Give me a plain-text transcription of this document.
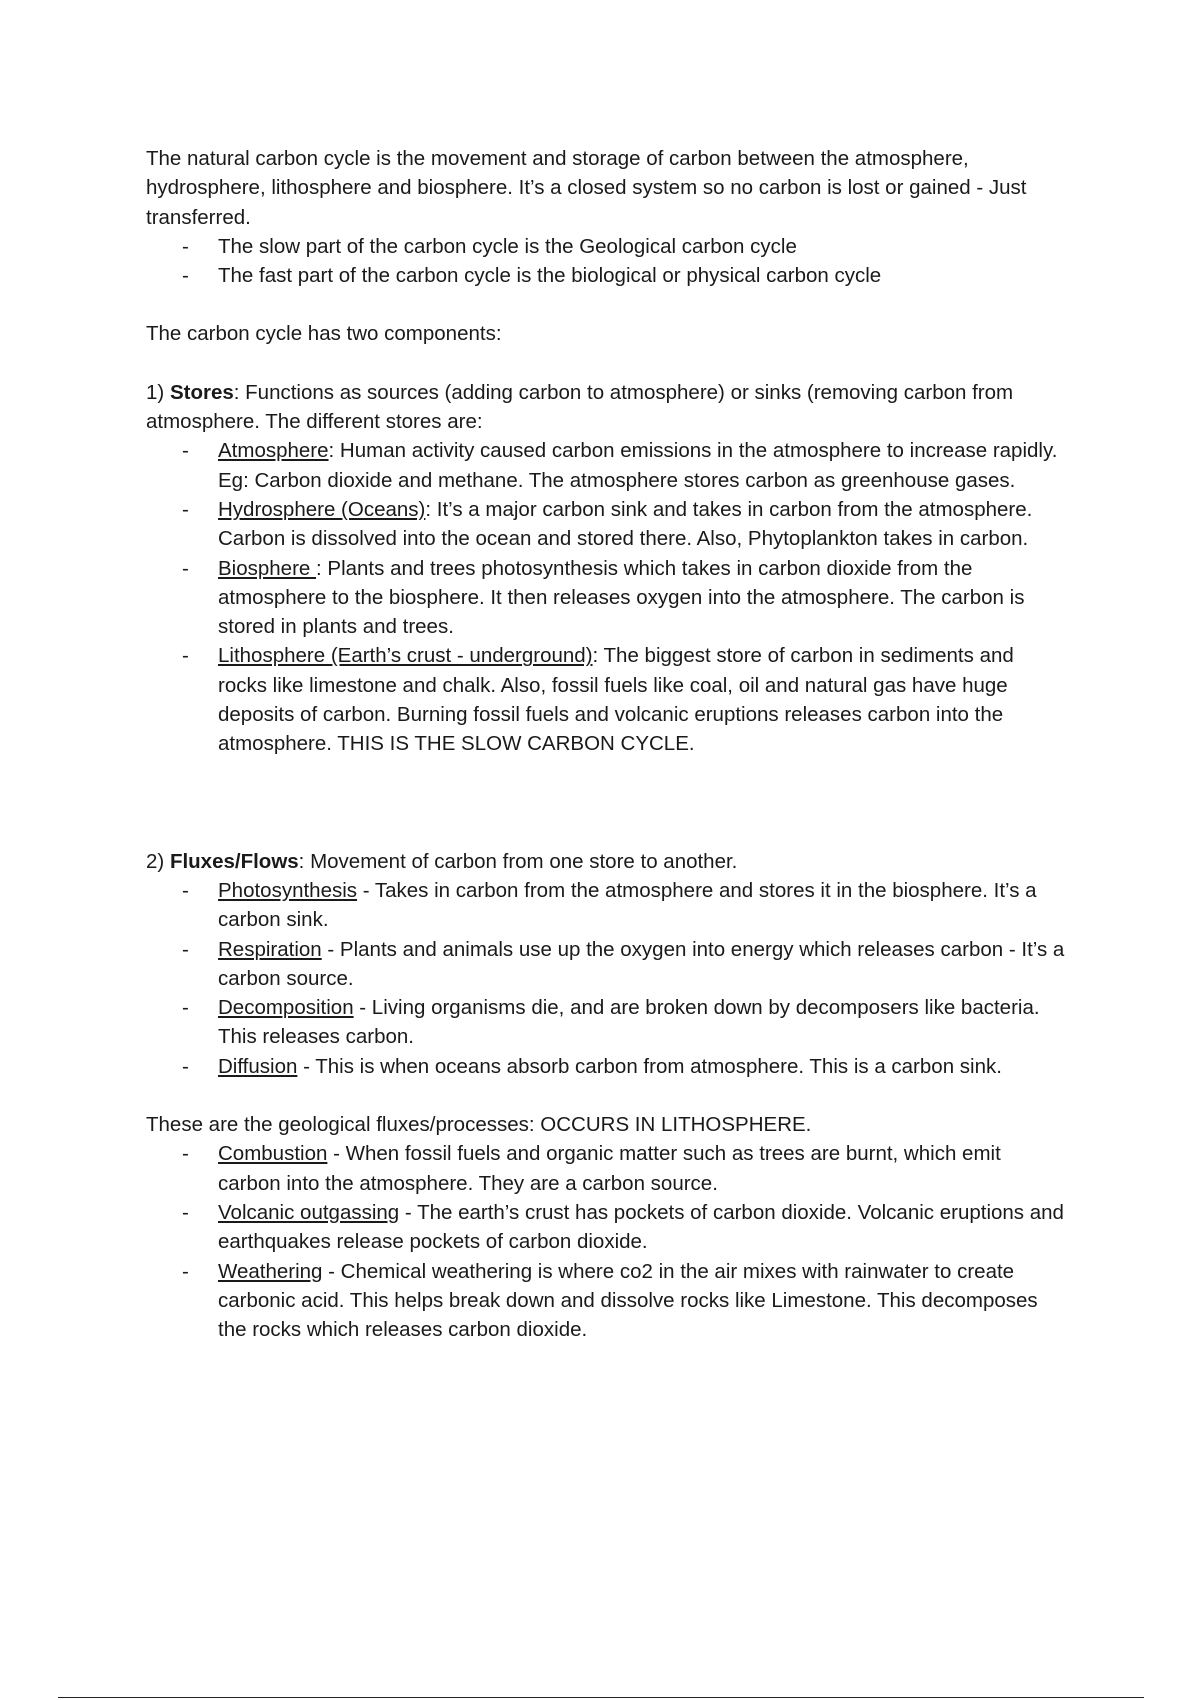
The natural carbon cycle is the movement and storage of carbon between the atmosphere, hydrosphere, lithosphere and biosphere. It’s a closed system so no carbon is lost or gained - Just transferred.

- The slow part of the carbon cycle is the Geological carbon cycle
- The fast part of the carbon cycle is the biological or physical carbon cycle

The carbon cycle has two components:

1) Stores: Functions as sources (adding carbon to atmosphere) or sinks (removing carbon from atmosphere. The different stores are:

- Atmosphere: Human activity caused carbon emissions in the atmosphere to increase rapidly. Eg: Carbon dioxide and methane. The atmosphere stores carbon as greenhouse gases.
- Hydrosphere (Oceans): It’s a major carbon sink and takes in carbon from the atmosphere. Carbon is dissolved into the ocean and stored there. Also, Phytoplankton takes in carbon.
- Biosphere : Plants and trees photosynthesis which takes in carbon dioxide from the atmosphere to the biosphere. It then releases oxygen into the atmosphere. The carbon is stored in plants and trees.
- Lithosphere (Earth’s crust - underground): The biggest store of carbon in sediments and rocks like limestone and chalk. Also, fossil fuels like coal, oil and natural gas have huge deposits of carbon. Burning fossil fuels and volcanic eruptions releases carbon into the atmosphere. THIS IS THE SLOW CARBON CYCLE.

2) Fluxes/Flows: Movement of carbon from one store to another.

- Photosynthesis - Takes in carbon from the atmosphere and stores it in the biosphere. It’s a carbon sink.
- Respiration - Plants and animals use up the oxygen into energy which releases carbon - It’s a carbon source.
- Decomposition - Living organisms die, and are broken down by decomposers like bacteria. This releases carbon.
- Diffusion - This is when oceans absorb carbon from atmosphere. This is a carbon sink.

These are the geological fluxes/processes: OCCURS IN LITHOSPHERE.

- Combustion - When fossil fuels and organic matter such as trees are burnt, which emit carbon into the atmosphere. They are a carbon source.
- Volcanic outgassing - The earth’s crust has pockets of carbon dioxide. Volcanic eruptions and earthquakes release pockets of carbon dioxide.
- Weathering - Chemical weathering is where co2 in the air mixes with rainwater to create carbonic acid. This helps break down and dissolve rocks like Limestone. This decomposes the rocks which releases carbon dioxide.
